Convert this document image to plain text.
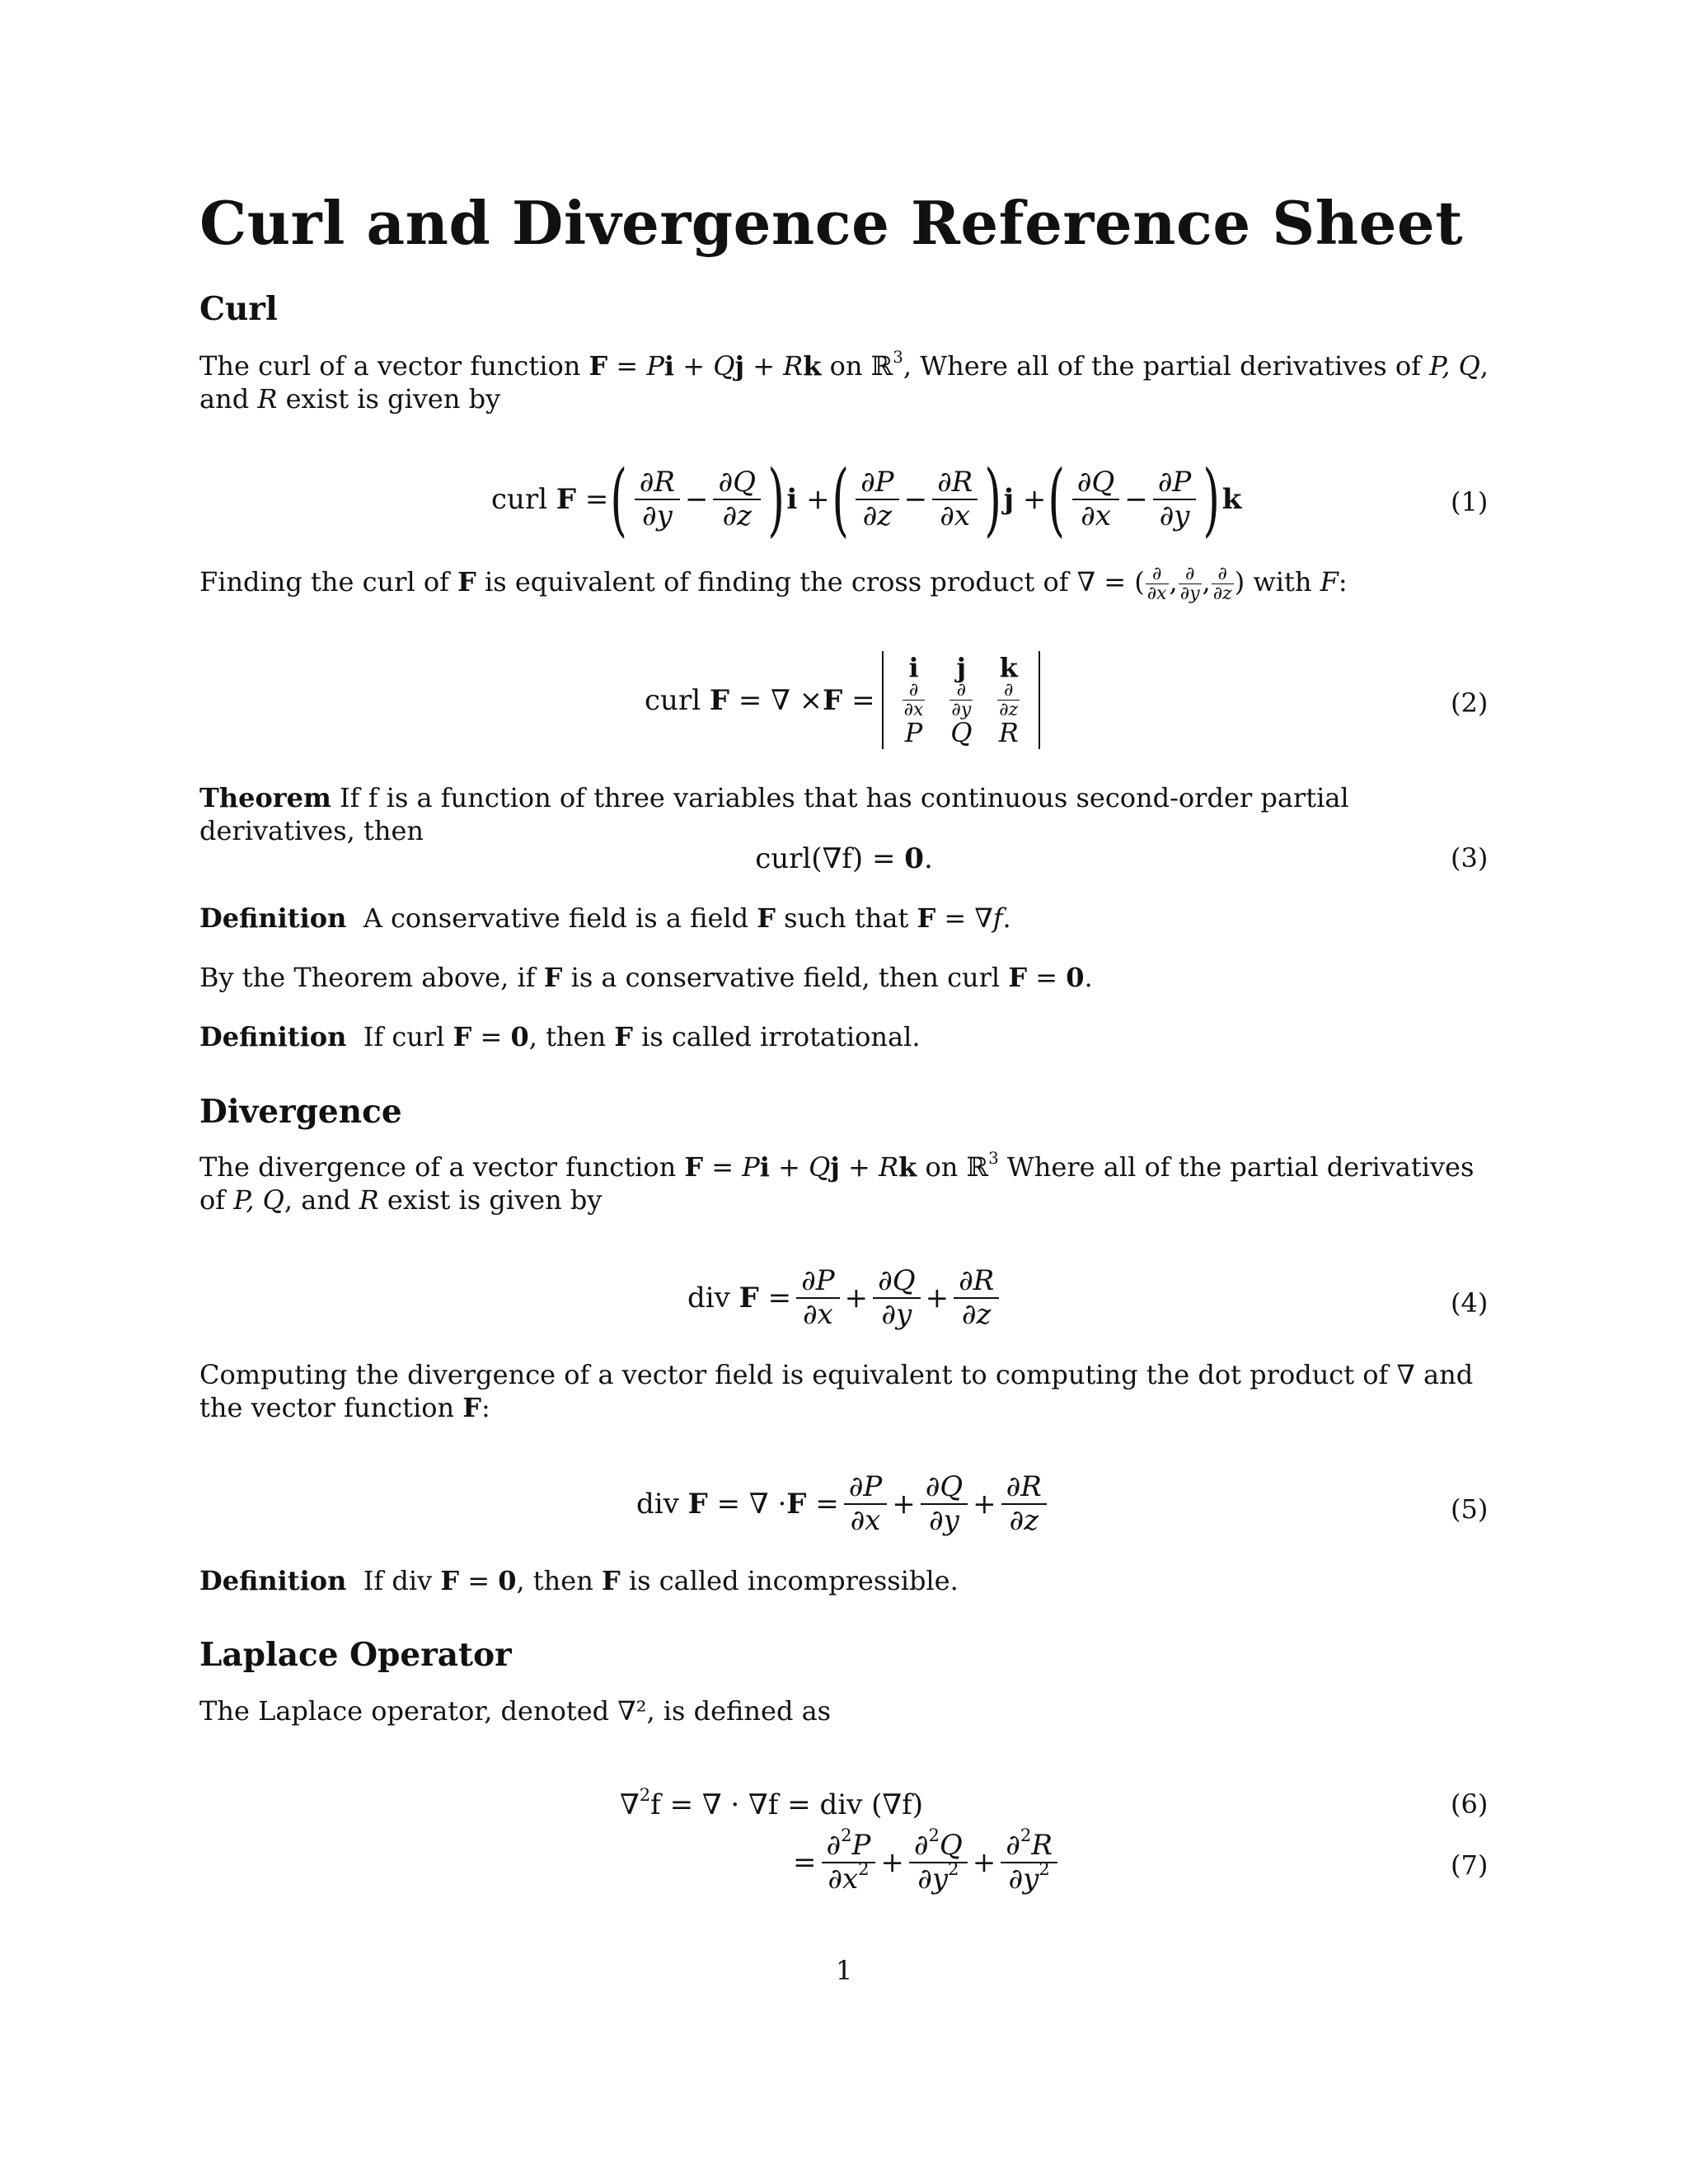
Curl and Divergence Reference Sheet
Curl

The curl of a vector function F = Pi + Qj + Rk on ℝ$^3$, Where all of the partial derivatives of P, Q, and R exist is given by

curl
F = ( $\frac{\partial R}{\partial y} - \frac{\partial Q}{\partial z}$ ) i + ( $\frac{\partial P}{\partial z} - \frac{\partial R}{\partial x}$ ) j + ( $\frac{\partial Q}{\partial x} - \frac{\partial P}{\partial y}$ ) k	(1)

Finding the curl of F is equivalent of finding the cross product of ∇ = ( $\frac{\partial}{\partial x}$ , $\frac{\partial}{\partial y}$ , $\frac{\partial}{\partial z}$ ) with F:

curl
F = ∇ × F =
i	j	k

$\frac{\partial}{\partial x}$	$\frac{\partial}{\partial y}$	$\frac{\partial}{\partial z}$

P	Q	R
(2)

Theorem If f is a function of three variables that has continuous second-order partial derivatives, then

curl(∇f) = 0.	(3)

Definition A conservative field is a field F such that F = ∇f.

By the Theorem above, if F is a conservative field, then curl F = 0.

Definition If curl F = 0, then F is called irrotational.

Divergence

The divergence of a vector function F = Pi + Qj + Rk on ℝ$^3$ Where all of the partial derivatives of P, Q, and R exist is given by

div
$F = \frac{\partial P}{\partial x} + \frac{\partial Q}{\partial y} + \frac{\partial R}{\partial z}$	(4)

Computing the divergence of a vector field is equivalent to computing the dot product of ∇ and the vector function F:

div
F = ∇ · $F = \frac{\partial P}{\partial x} + \frac{\partial Q}{\partial y} + \frac{\partial R}{\partial z}$	(5)

Definition If div F = 0, then F is called incompressible.

Laplace Operator

The Laplace operator, denoted ∇², is defined as

∇$^2$f = ∇ · ∇f = div (∇f)	(6)
= $\frac{\partial^2P}{\partial x^2} + \frac{\partial^2Q}{\partial y^2} + \frac{\partial^2R}{\partial y^2}$	(7)
1
